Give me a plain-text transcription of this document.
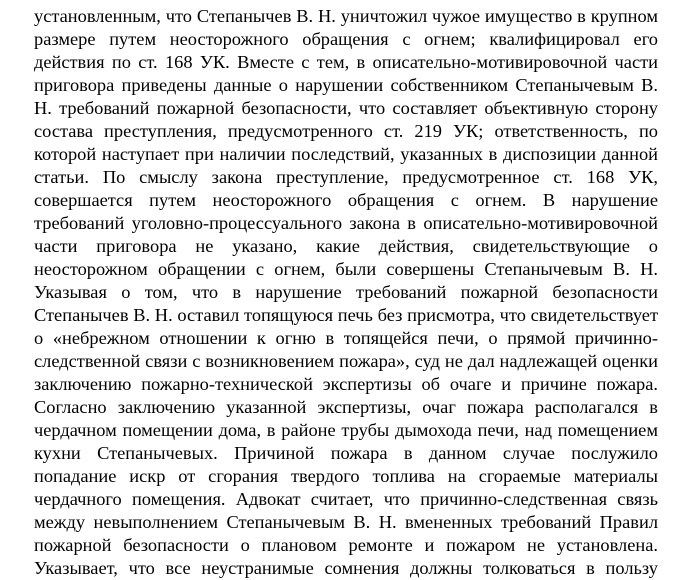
установленным, что Степанычев В. Н. уничтожил чужое имущество в крупном
размере путем неосторожного обращения с огнем; квалифицировал его
действия по ст. 168 УК. Вместе с тем, в описательно-мотивировочной части
приговора приведены данные о нарушении собственником Степанычевым В.
Н. требований пожарной безопасности, что составляет объективную сторону
состава преступления, предусмотренного ст. 219 УК; ответственность, по
которой наступает при наличии последствий, указанных в диспозиции данной
статьи. По смыслу закона преступление, предусмотренное ст. 168 УК,
совершается путем неосторожного обращения с огнем. В нарушение
требований уголовно-процессуального закона в описательно-мотивировочной
части приговора не указано, какие действия, свидетельствующие о
неосторожном обращении с огнем, были совершены Степанычевым В. Н.
Указывая о том, что в нарушение требований пожарной безопасности
Степанычев В. Н. оставил топящуюся печь без присмотра, что свидетельствует
о «небрежном отношении к огню в топящейся печи, о прямой причинно-
следственной связи с возникновением пожара», суд не дал надлежащей оценки
заключению пожарно-технической экспертизы об очаге и причине пожара.
Согласно заключению указанной экспертизы, очаг пожара располагался в
чердачном помещении дома, в районе трубы дымохода печи, над помещением
кухни Степанычевых. Причиной пожара в данном случае послужило
попадание искр от сгорания твердого топлива на сгораемые материалы
чердачного помещения. Адвокат считает, что причинно-следственная связь
между невыполнением Степанычевым В. Н. вмененных требований Правил
пожарной безопасности о плановом ремонте и пожаром не установлена.
Указывает, что все неустранимые сомнения должны толковаться в пользу
